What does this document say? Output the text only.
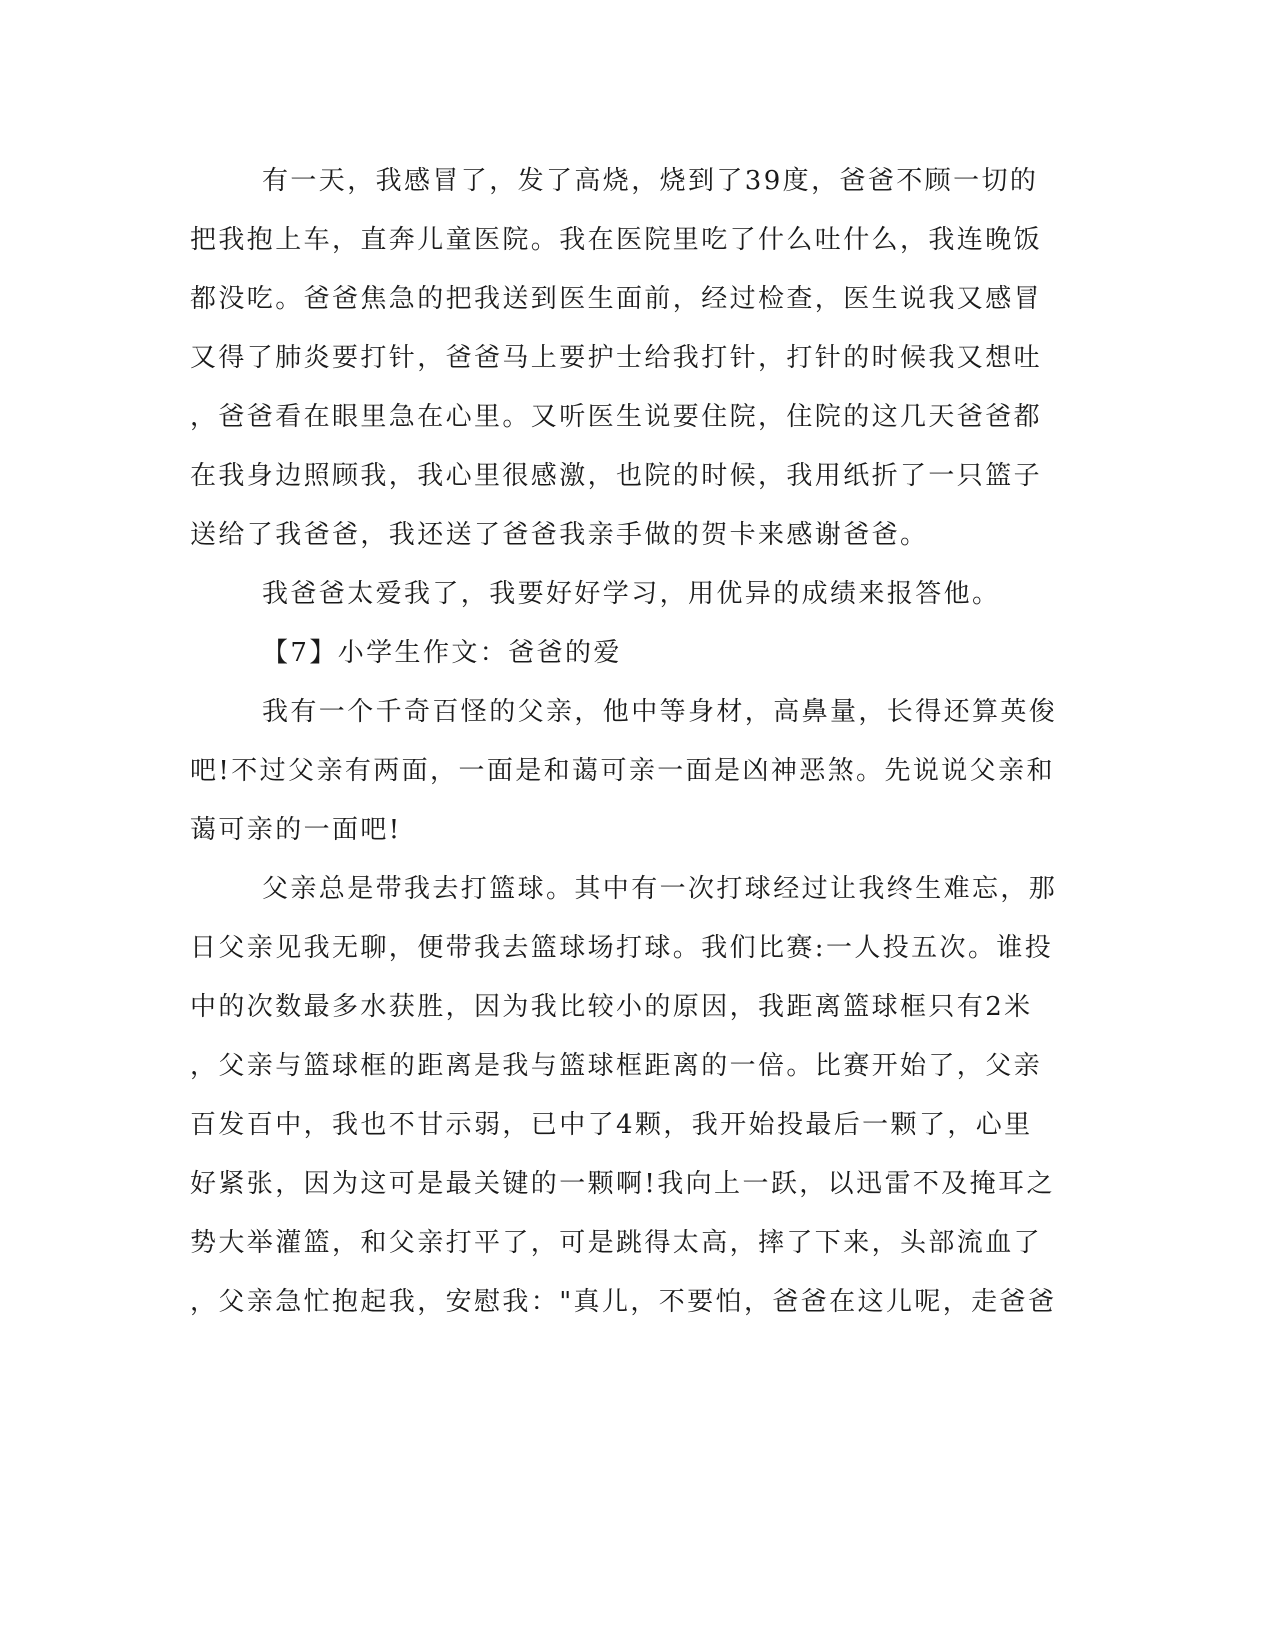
有一天，我感冒了，发了高烧，烧到了39度，爸爸不顾一切的
把我抱上车，直奔儿童医院。我在医院里吃了什么吐什么，我连晚饭
都没吃。爸爸焦急的把我送到医生面前，经过检查，医生说我又感冒
又得了肺炎要打针，爸爸马上要护士给我打针，打针的时候我又想吐
，爸爸看在眼里急在心里。又听医生说要住院，住院的这几天爸爸都
在我身边照顾我，我心里很感激，也院的时候，我用纸折了一只篮子
送给了我爸爸，我还送了爸爸我亲手做的贺卡来感谢爸爸。
我爸爸太爱我了，我要好好学习，用优异的成绩来报答他。
【7】小学生作文：爸爸的爱
我有一个千奇百怪的父亲，他中等身材，高鼻量，长得还算英俊
吧!不过父亲有两面，一面是和蔼可亲一面是凶神恶煞。先说说父亲和
蔼可亲的一面吧!
父亲总是带我去打篮球。其中有一次打球经过让我终生难忘，那
日父亲见我无聊，便带我去篮球场打球。我们比赛:一人投五次。谁投
中的次数最多水获胜，因为我比较小的原因，我距离篮球框只有2米
，父亲与篮球框的距离是我与篮球框距离的一倍。比赛开始了，父亲
百发百中，我也不甘示弱，已中了4颗，我开始投最后一颗了，心里
好紧张，因为这可是最关键的一颗啊!我向上一跃，以迅雷不及掩耳之
势大举灌篮，和父亲打平了，可是跳得太高，摔了下来，头部流血了
，父亲急忙抱起我，安慰我："真儿，不要怕，爸爸在这儿呢，走爸爸
